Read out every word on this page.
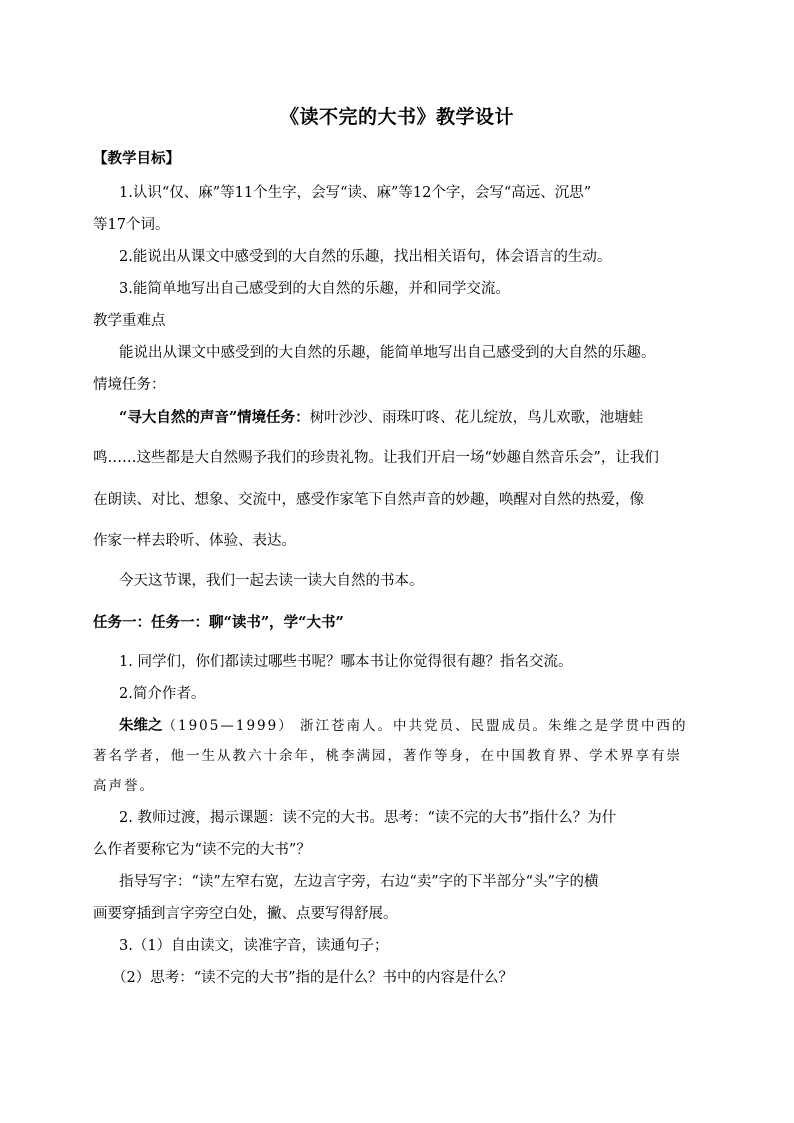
《读不完的大书》教学设计
【教学目标】
1.认识“仅、麻”等11个生字，会写“读、麻”等12个字，会写“高远、沉思”
等17个词。
2.能说出从课文中感受到的大自然的乐趣，找出相关语句，体会语言的生动。
3.能简单地写出自己感受到的大自然的乐趣，并和同学交流。
教学重难点
能说出从课文中感受到的大自然的乐趣，能简单地写出自己感受到的大自然的乐趣。
情境任务：
“寻大自然的声音”情境任务：树叶沙沙、雨珠叮咚、花儿绽放，鸟儿欢歌，池塘蛙
鸣……这些都是大自然赐予我们的珍贵礼物。让我们开启一场“妙趣自然音乐会”，让我们
在朗读、对比、想象、交流中，感受作家笔下自然声音的妙趣，唤醒对自然的热爱，像
作家一样去聆听、体验、表达。
今天这节课，我们一起去读一读大自然的书本。
任务一：任务一：聊“读书”，学“大书”
1. 同学们，你们都读过哪些书呢？哪本书让你觉得很有趣？指名交流。
2.简介作者。
朱维之（1905—1999） 浙江苍南人。中共党员、民盟成员。朱维之是学贯中西的
著名学者，他一生从教六十余年，桃李满园，著作等身，在中国教育界、学术界享有崇
高声誉。
2. 教师过渡，揭示课题：读不完的大书。思考：“读不完的大书”指什么？为什
么作者要称它为“读不完的大书”？
指导写字：“读”左窄右宽，左边言字旁，右边“卖”字的下半部分“头”字的横
画要穿插到言字旁空白处，撇、点要写得舒展。
3.（1）自由读文，读准字音，读通句子；
（2）思考：“读不完的大书”指的是什么？书中的内容是什么？
